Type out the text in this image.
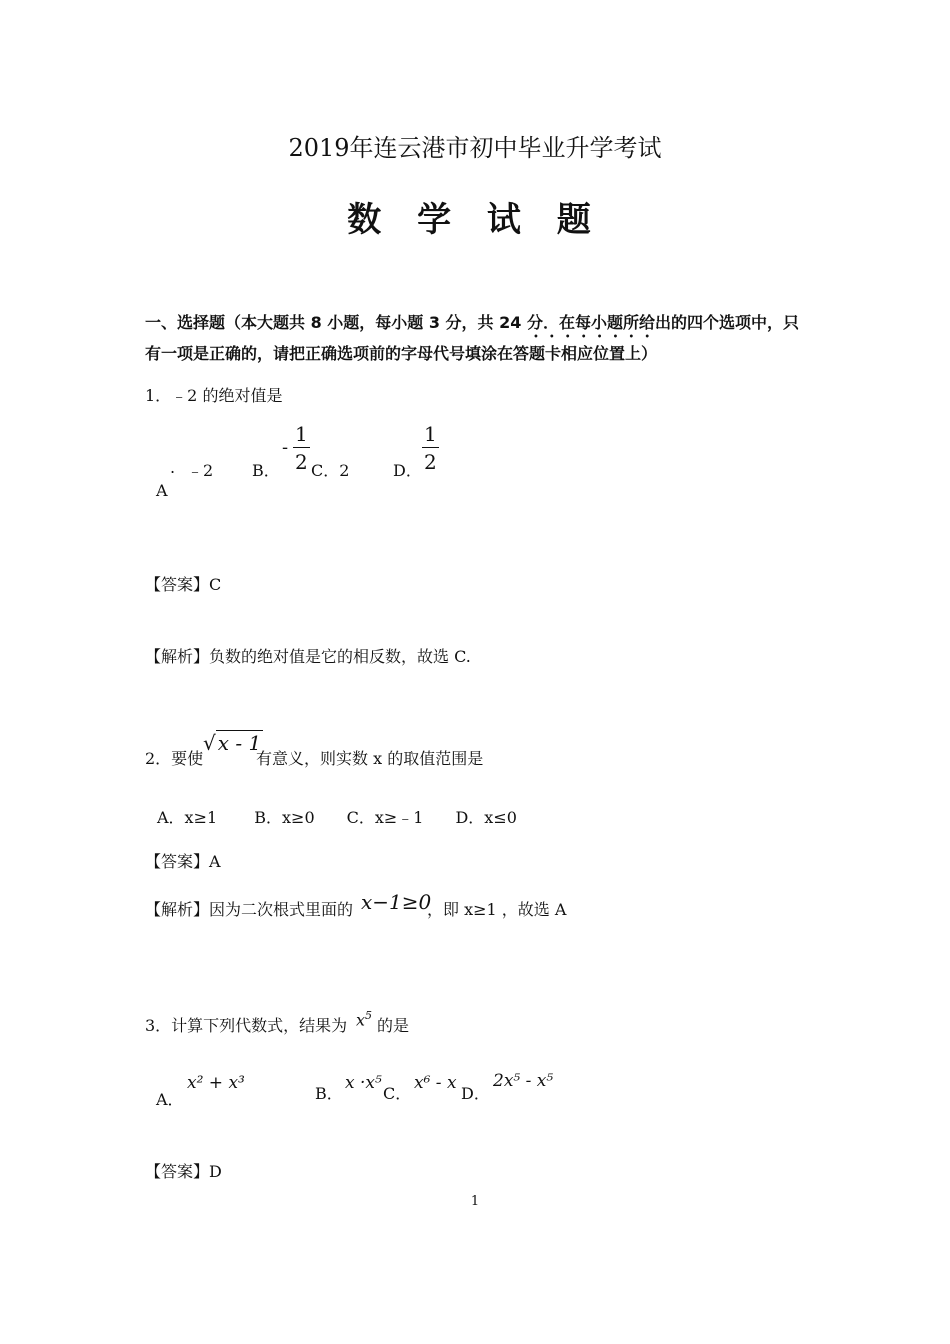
2019年连云港市初中毕业升学考试
数 学 试 题
一、选择题（本大题共 8 小题，每小题 3 分，共 24 分．在每小题所给出的四个选项中，只
••••••••
有一项是正确的，请把正确选项前的字母代号填涂在答题卡相应位置上）
1．﹣2 的绝对值是
. ﹣2
A
B．
-
1
2 C．2	D．
1
2
【答案】C
【解析】负数的绝对值是它的相反数，故选 C.
2．要使
√ x - 1
有意义，则实数 x 的取值范围是
A．x≥1　　 B．x≥0　　C．x≥﹣1　　D．x≤0
【答案】A
【解析】因为二次根式里面的 x−1≥0
，即 x≥1 ，故选 A
3．计算下列代数式，结果为 $x^5$
的是
A．
x² + x³
B．
x ·x⁵
C．
x⁶ - x
D．
2x⁵ - x⁵
【答案】D
1
